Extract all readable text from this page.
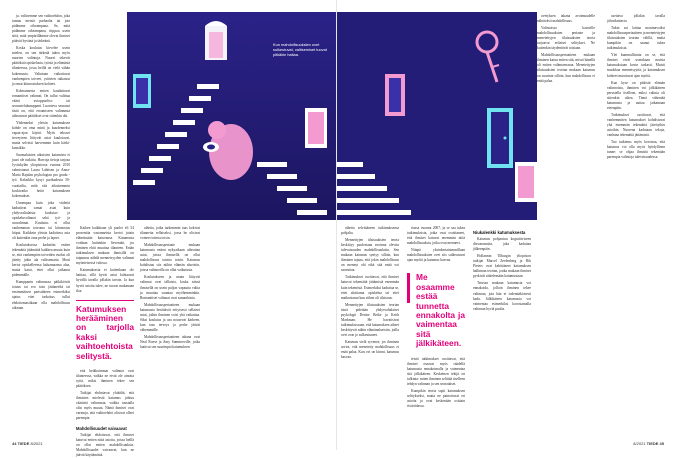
ja, valitsemme sen vaihtoehdon, joka tuntuu meistä parhaalta tai jota pidämme oikeampana. Se, mitä pidämme oikeampana, riippuu usein siitä, mitä ympärillämme olevat ihmiset pitävät hyvänä ja tärkeänä.

Koska koulutus kirvelee usein mielen, on sen tärkeää tukea myös nuorten valintoja. Nuoret tekevät päätöksiä opiskelusta, työstä ja elämästä tilanteessa, jossa heillä on vielä vähän kokemusta. Valintaan vaikuttavat vanhempien toiveet, ystävien ratkaisut ja omat kiinnostuksen kohteet.

Kolmannesta eniten kaudattavat romanttiset valinnat. On tullut valittua väärä avioppuoliso tai seurustelukumppani. Luonteva seurausi tästä on, että eroamiseen valinnasta aiheutuvat päätökset ovat sittenkin ohi.

Yhdenneksi yleisin katumuksen kohde on oma minä ja kuudenneksi vapaa-ajan käyttö. Myös tekoset terveyteen liittyvät asiat kuulotavat, mutta selvästi harvemmin kuin kärki-kuusikko.

Suomalaisten aikuisten katumista ei juuri ole tutkittu. Harvoja tietoja tarjoaa Jyväskylän yliopistossa vuonna 2010 valmistunut Laura Lahtisen ja Anna-Maria Rajalan psykologian pro gradu -työ. Kaksikko kysyi parikudesta 50-vuotiailta, mitä sitä aikaisemmin koskivatko heitä katumuksen kokemukset.

Useampaa kuin joka viidettä kaduttivat samat asiat kuin yhdysvaltalaisia: koulutus- ja opiskeluvalinnat sekä työ- ja uravalinnat. Koulutus ei ollut vanhemman toivoma tai kiinnostus hiipui. Kaikkein yleisin kaduttava asia oli kuitenkin oma perhe ja lapset.

Koulutuksessa kaduttiin eniten tekemättä jätämättä kaikkea muuta kuin se, että vanhempien toiveiden vuoksi oli jätetty jokin ala valitsematta. Moni kertoi opiskelleensa haluamaansa alaa, mutta katui, ettei ollut jatkanut pidemmälle.

Kumppanin valinnassa pätkiköivät totuus tai ero taisi jättäneeltä tai ensimmäisen parisuhteen esimerkiksi ajatus ettei tarkoitus tullut ehdottomastikaan olla mahdollisuus oikeaan.

Kaiken kaikkiaan yli puolet eli 54 prosenttia vastanneista kertoi jotain elämässään katuvansa. Katumusta voidaan kuitenkin lieventää, jos ihminen ehtii muuttaa tilanteen. Erään tutkimuksen mukaan ihmisillä on taipumus nähdä menneisyyden valinnat myönteisessä valossa.

Katumuksesta ei kuitenkaan ole haittaa, sillä hyvät asiat kohtaavat hyvällä tavalla jollakin tavoin. Ja kun hyviä asioita tulee, ne tuovat mukanaan iloa.

Katumuksen herääminen on tarjolla kaksi vaihtoehtoista selitystä.

että heikkoimmat valinnat ovat tilanteessa, vaikka ne eivät ole ainoita syitä, miksi ihminen tekee sen päätöksen.

Tutkijat ehdottavat yhtäältä, että ihmisten mielestä katumus johtuu väärästä valinnasta, vaikka taustalla olisi myös muuta. Nämä ihmiset ovat varmoja, että vaihtoehdot olisivat olleet parempia.

Mahdollisuudet vaivaavat

Tutkijat ehdottavat, että ihmiset katuvat eniten niitä asioita, joissa heillä on ollut eniten mahdollisuuksia. Mahdollisuudet vaivaavat, kun ne jäävät käyttämättä.

aihetta, jotka tarkemmin taas kokivat tilannetta sellaiseksi, jossa he olisivat voineet toimia toisin.

Mahdollisuusperiaate mukaan katumusta eniten nykyaikaan aiheuttaa asiat, joissa ihmisellä on ollut mahdollisuus toimia toisin. Katumus kohdistuu siis niihin elämän alueisiin, joissa valinnoilla on ollut vaikutusta.

Koulutukseen ja uraan liittyvät valinnat ovat tällaisia, koska niissä ihmisellä on usein paljon vapautta valita ja muuttaa suuntaa myöhemminkin. Romanttiset valinnat ovat samanlaisia.

Mahdollisuusperiaatteen mukaan katumusta herättävät erityisesti sellaiset asiat, joihin ihminen voisi yhä vaikuttaa. Siksi koulutus ja ura nousevat kärkeen, kun taas terveys ja perhe jäävät vähemmälle.

Mahdollisuusperiaatteen takana ovat Neal Roese ja Amy Summerville, jotka laativat sen suurimpia katumuksen

Kun mahdollisuuksien ovet sulkeutuvat, valitsemiset tuovat pitkäkin haitaa.
44 TIEDE 8/2021

ovetyksen takana avoimuudelle nähtävästi mahdollisuus.

Valintoissa katuville mahdollisuuksien periaate ja menetettyjen tilaisuuksien teoria tarjoavat erilaiset selitykset. Ne kuitenkin täydentävät toisiaan.

Mahdollisuusperiaatteen mukaan ihminen katuu eniten sitä, missä hänellä oli eniten valinnanvaraa. Menetettyjen tilaisuuksien teorian mukaan katumus on suurinta silloin, kun mahdollisuus ei enää palaa.

osettava jollakin tavalla jälvaikuttavia.

Tukin sai laittaa moninavoiksi mahdollisuusperiaatteen ja menetettyjen tilaisuuksien teorian välillä, mutta kumpikin on saanut tukea tutkimuksista.

Ylei kummallisinta on se, että ihmiset eivät useinkaan muista katumuksiaan kovin tarkasti. Muisti muokkaa menneisyyttä, ja katumuksen kohteet muuttuvat ajan myötä.

Kun kyse on pitkistä elämän valinnoista, ihminen voi jälkikäteen perustella itselleen, miksi valinta oli sittenkin oikea. Tämä vähentää katumusta ja auttaa jatkamaan eteenpäin.

Tutkimukset osoittavat, että vanhemmiten katumukset kohdistuvat yhä enemmän tekemättä jätettyihin asioihin. Nuorena kadutaan tekoja, vanhana tekemättä jättämisiä.

Tuo tutkimus myös korostaa, että katumus voi olla myös hyödyllinen tunne: se ohjaa ihmistä tekemään parempia valintoja tulevaisuudessa.

aihetta selvittäneen tutkimuksensa pohjalta.

Mennettyjen tilaisuuksien teoria keskittyy puolestaan avoinna oleviin tulevaisuuden mahdollisuuksiin. Sen mukaan katumus syntyy silloin, kun ihminen tajuaa, että jokin mahdollisuus on mennyt ohi eikä sitä enää voi saavuttaa.

Tutkimukset osoittavat, että ihmiset katuvat tekemättä jättämistä enemmän kuin tekemistä. Esimerkiksi kaduttaa se, ettei aloittanut opiskelua tai ettei matkustanut kun siihen oli tilaisuus.

Mennettyjen tilaisuuksien teorian isinä pidetään yhdysvaltalaiset psykologit Denise Beike ja Keith Markman. He havaitsivat tutkimuksissaan, että katumuksen aiheet keskittyvät niihin elämänalueisiin, joilla ovet ovat jo sulkeutuneet.

Katumus vielä syvenee, jos ihminen arvioi, että menetetty mahdollisuus ei enää palaa. Kun ovi on kiinni, katumus kasvaa.

riassa vuonna 2007, ja se saa tukea tutkimuksista, jotka ovat osoittaneet, että ihmiset katuvat enemmän niitä mahdollisuuksia, jotka ovat menneet.

Niinpä yksinkertaisimmillaan mahdollisuuksien ovet siis sulkeutuvat ajan myötä ja katumus kasvaa.

Me osaamme estää tunnetta ennakolta ja vaimentaa sitä jälkikäteen.

teistä tutkimukset osoittavat, että ihmiset osaavat myös säädellä katumusta ennakoimalla ja vaimentaa sitä jälkikäteen. Keskeinen tekijä on tulkinta: miten ihminen selittää itselleen tehdyn valinnan ja sen seuraukset.

Kumpikin teoria sopii katumuksen selitykseksi, mutta ne painottavat eri asioita ja ovat keskenään osittain ristiriidassa.

Niukalenkki katumuksesta

Katumus pohjautuu kognitiiviseen dissonanssiin, joka kaduttaa jälkeenpäin.

Hollannin Tilburgin yliopiston tutkijat Marcel Zeelenberg ja Rik Pieters ovat kehittäneet katumuksen hallinnan teorian, jonka mukaan ihmiset pyrkivät säätelemään katumustaan.

Teorian mukaan katumusta voi ennakoida, jolloin ihminen tekee valinnan, jota hän ei todennäköisesti kadu. Jälkikäteen katumusta voi vaimentaa esimerkiksi korostamalla valinnan hyviä puolia.

8/2021 TIEDE 45
